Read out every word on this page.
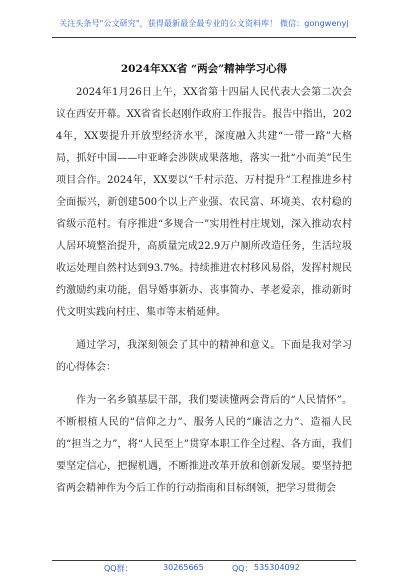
关注头条号"公文研究"，获得最新最全最专业的公文资料库！ 微信：gongwenyj
2024年XX省 “两会”精神学习心得

2024年1月26日上午，XX省第十四届人民代表大会第二次会议在西安开幕。XX省省长赵刚作政府工作报告。报告中指出，2024年，XX要提升开放型经济水平，深度融入共建“一带一路”大格局，抓好中国——中亚峰会涉陕成果落地，落实一批“小而美”民生项目合作。2024年，XX要以“千村示范、万村提升”工程推进乡村全面振兴，新创建500个以上产业强、农民富、环境美、农村稳的省级示范村。有序推进“多规合一”实用性村庄规划，深入推动农村人居环境整治提升，高质量完成22.9万户厕所改造任务，生活垃圾收运处理自然村达到93.7%。持续推进农村移风易俗，发挥村规民约激励约束功能，倡导婚事新办、丧事简办、孝老爱亲，推动新时代文明实践向村庄、集市等末梢延伸。

通过学习，我深刻领会了其中的精神和意义。下面是我对学习的心得体会：

作为一名乡镇基层干部，我们要读懂两会背后的“人民情怀”。不断根植人民的“信仰之力”、服务人民的“廉洁之力”、造福人民的“担当之力”，将“人民至上”贯穿本职工作全过程、各方面，我们要坚定信心，把握机遇，不断推进改革开放和创新发展。要坚持把省两会精神作为今后工作的行动指南和目标纲领，把学习贯彻会

QQ群：	30265665	QQ： 535304092
